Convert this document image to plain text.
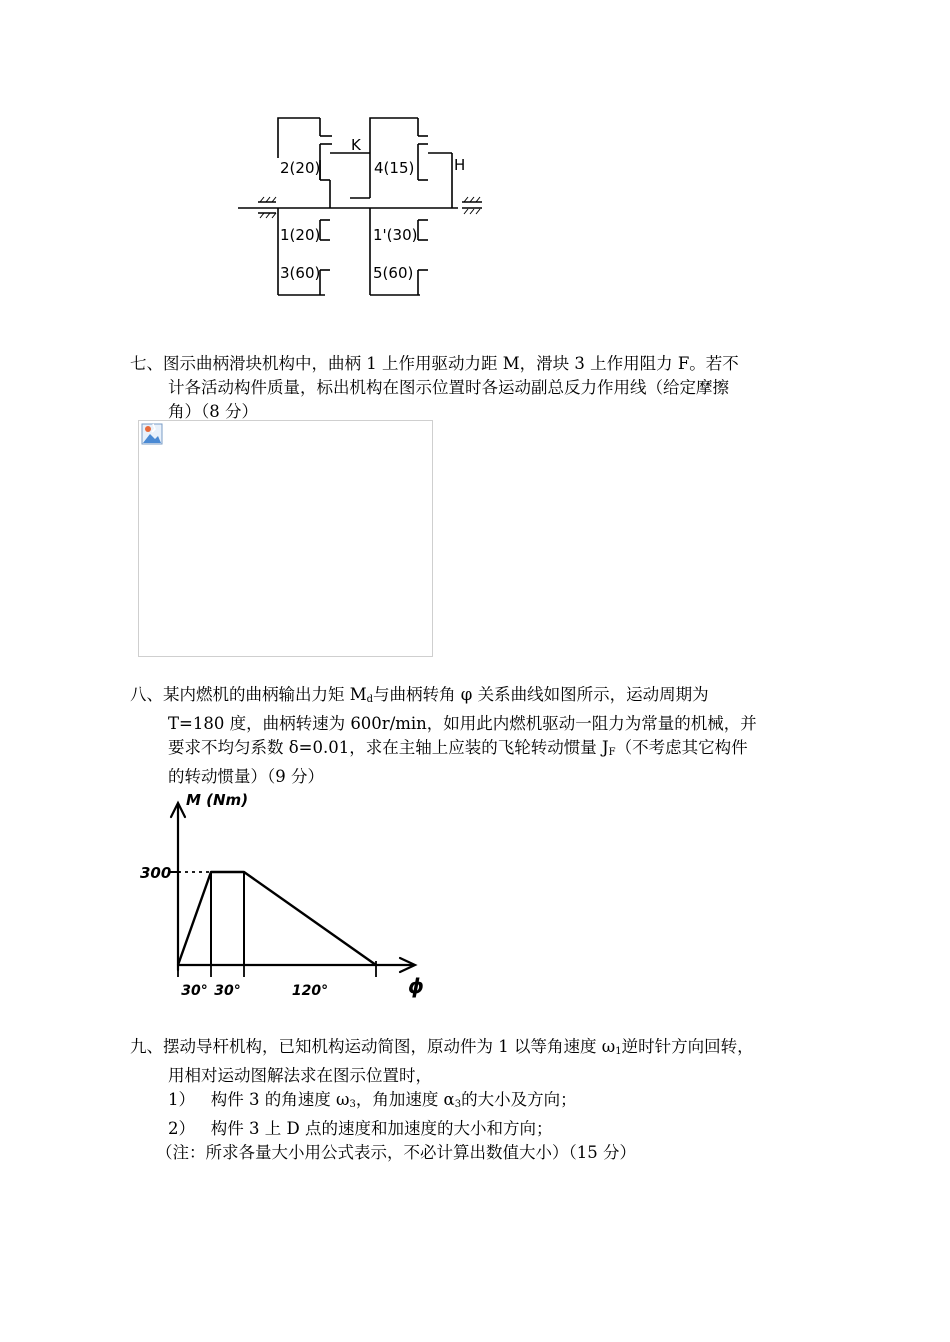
2(20)
K
4(15)	H
1(20)	1'(30)
3(60)	5(60)
七、图示曲柄滑块机构中，曲柄 1 上作用驱动力距 M，滑块 3 上作用阻力 F。若不
计各活动构件质量，标出机构在图示位置时各运动副总反力作用线（给定摩擦
角）（8 分）
八、某内燃机的曲柄输出力矩 $M_d$与曲柄转角 φ 关系曲线如图所示，运动周期为
T=180 度，曲柄转速为 600r/min，如用此内燃机驱动一阻力为常量的机械，并
要求不均匀系数 δ=0.01，求在主轴上应装的飞轮转动惯量 $J_F$（不考虑其它构件
的转动惯量）（9 分）
M (Nm)
ϕ
300
30° 30°	120°
九、摆动导杆机构，已知机构运动简图，原动件为 1 以等角速度 $\omega_1$逆时针方向回转，
用相对运动图解法求在图示位置时，
1） 构件 3 的角速度 $\omega_3$，角加速度 $\alpha_3$的大小及方向；
2） 构件 3 上 D 点的速度和加速度的大小和方向；
（注：所求各量大小用公式表示，不必计算出数值大小）（15 分）
